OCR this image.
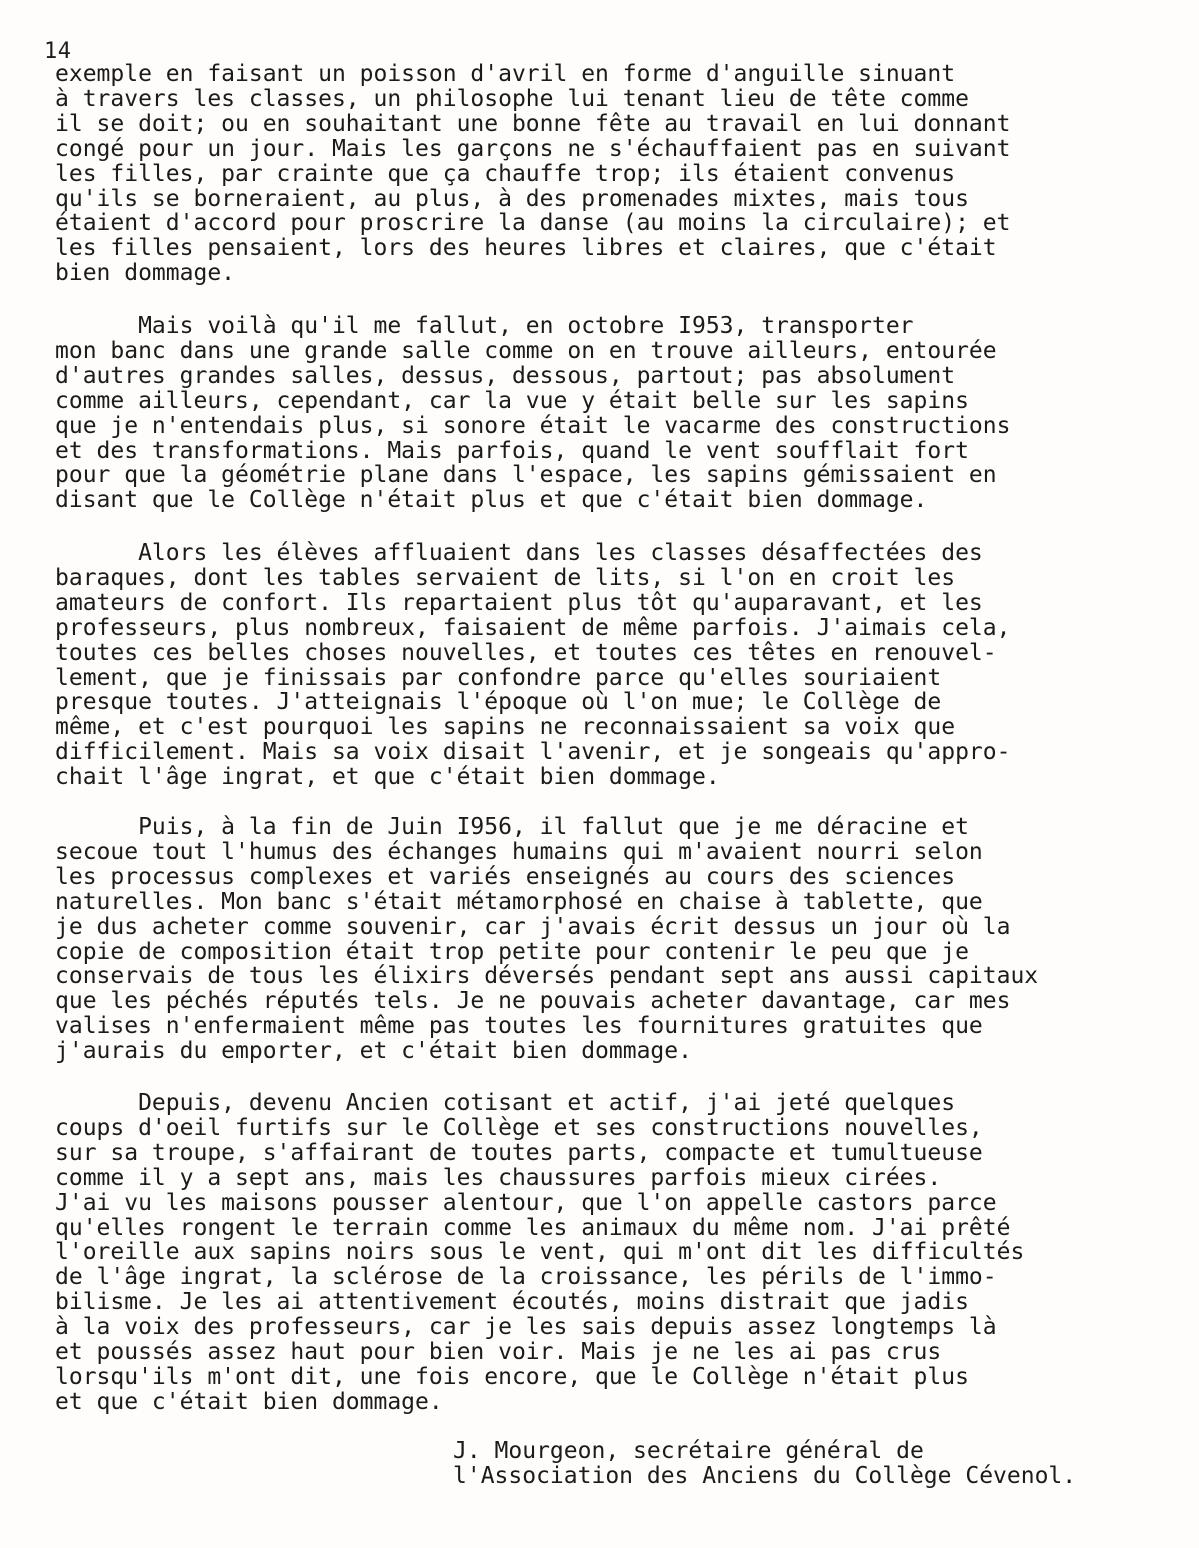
14

exemple en faisant un poisson d'avril en forme d'anguille sinuant
à travers les classes, un philosophe lui tenant lieu de tête comme
il se doit; ou en souhaitant une bonne fête au travail en lui donnant
congé pour un jour. Mais les garçons ne s'échauffaient pas en suivant
les filles, par crainte que ça chauffe trop; ils étaient convenus
qu'ils se borneraient, au plus, à des promenades mixtes, mais tous
étaient d'accord pour proscrire la danse (au moins la circulaire); et
les filles pensaient, lors des heures libres et claires, que c'était
bien dommage.

Mais voilà qu'il me fallut, en octobre I953, transporter
mon banc dans une grande salle comme on en trouve ailleurs, entourée
d'autres grandes salles, dessus, dessous, partout; pas absolument
comme ailleurs, cependant, car la vue y était belle sur les sapins
que je n'entendais plus, si sonore était le vacarme des constructions
et des transformations. Mais parfois, quand le vent soufflait fort
pour que la géométrie plane dans l'espace, les sapins gémissaient en
disant que le Collège n'était plus et que c'était bien dommage.

Alors les élèves affluaient dans les classes désaffectées des
baraques, dont les tables servaient de lits, si l'on en croit les
amateurs de confort. Ils repartaient plus tôt qu'auparavant, et les
professeurs, plus nombreux, faisaient de même parfois. J'aimais cela,
toutes ces belles choses nouvelles, et toutes ces têtes en renouvel-
lement, que je finissais par confondre parce qu'elles souriaient
presque toutes. J'atteignais l'époque où l'on mue; le Collège de
même, et c'est pourquoi les sapins ne reconnaissaient sa voix que
difficilement. Mais sa voix disait l'avenir, et je songeais qu'appro-
chait l'âge ingrat, et que c'était bien dommage.

Puis, à la fin de Juin I956, il fallut que je me déracine et
secoue tout l'humus des échanges humains qui m'avaient nourri selon
les processus complexes et variés enseignés au cours des sciences
naturelles. Mon banc s'était métamorphosé en chaise à tablette, que
je dus acheter comme souvenir, car j'avais écrit dessus un jour où la
copie de composition était trop petite pour contenir le peu que je
conservais de tous les élixirs déversés pendant sept ans aussi capitaux
que les péchés réputés tels. Je ne pouvais acheter davantage, car mes
valises n'enfermaient même pas toutes les fournitures gratuites que
j'aurais du emporter, et c'était bien dommage.

Depuis, devenu Ancien cotisant et actif, j'ai jeté quelques
coups d'oeil furtifs sur le Collège et ses constructions nouvelles,
sur sa troupe, s'affairant de toutes parts, compacte et tumultueuse
comme il y a sept ans, mais les chaussures parfois mieux cirées.
J'ai vu les maisons pousser alentour, que l'on appelle castors parce
qu'elles rongent le terrain comme les animaux du même nom. J'ai prêté
l'oreille aux sapins noirs sous le vent, qui m'ont dit les difficultés
de l'âge ingrat, la sclérose de la croissance, les périls de l'immo-
bilisme. Je les ai attentivement écoutés, moins distrait que jadis
à la voix des professeurs, car je les sais depuis assez longtemps là
et poussés assez haut pour bien voir. Mais je ne les ai pas crus
lorsqu'ils m'ont dit, une fois encore, que le Collège n'était plus
et que c'était bien dommage.

J. Mourgeon, secrétaire général de
l'Association des Anciens du Collège Cévenol.
